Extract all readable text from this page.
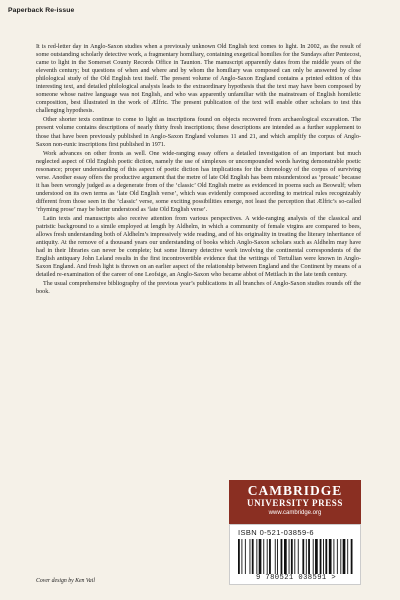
Paperback Re-issue

It is red-letter day in Anglo-Saxon studies when a previously unknown Old English text comes to light. In 2002, as the result of some outstanding scholarly detective work, a fragmentary homiliary, containing exegetical homilies for the Sundays after Pentecost, came to light in the Somerset County Records Office in Taunton. The manuscript apparently dates from the middle years of the eleventh century; but questions of when and where and by whom the homiliary was composed can only be answered by close philological study of the Old English text itself. The present volume of Anglo-Saxon England contains a printed edition of this interesting text, and detailed philological analysis leads to the extraordinary hypothesis that the text may have been composed by someone whose native language was not English, and who was apparently unfamiliar with the mainstream of English homiletic composition, best illustrated in the work of Ælfric. The present publication of the text will enable other scholars to test this challenging hypothesis.

Other shorter texts continue to come to light as inscriptions found on objects recovered from archaeological excavation. The present volume contains descriptions of nearly thirty fresh inscriptions; these descriptions are intended as a further supplement to those that have been previously published in Anglo-Saxon England volumes 11 and 21, and which amplify the corpus of Anglo-Saxon non-runic inscriptions first published in 1971.

Work advances on other fronts as well. One wide-ranging essay offers a detailed investigation of an important but much neglected aspect of Old English poetic diction, namely the use of simplexes or uncompounded words having demonstrable poetic resonance; proper understanding of this aspect of poetic diction has implications for the chronology of the corpus of surviving verse. Another essay offers the productive argument that the metre of late Old English has been misunderstood as ‘prosaic’ because it has been wrongly judged as a degenerate from of the ‘classic’ Old English metre as evidenced in poems such as Beowulf; when understood on its own terms as ‘late Old English verse’, which was evidently composed according to metrical rules recognizably different from those seen in the ‘classic’ verse, some exciting possibilities emerge, not least the perception that Ælfric’s so-called ‘rhyming prose’ may be better understood as ‘late Old English verse’.

Latin texts and manuscripts also receive attention from various perspectives. A wide-ranging analysis of the classical and patristic background to a simile employed at length by Aldhelm, in which a community of female virgins are compared to bees, allows fresh understanding both of Aldhelm’s impressively wide reading, and of his originality in treating the literary inheritance of antiquity. At the remove of a thousand years our understanding of books which Anglo-Saxon scholars such as Aldhelm may have had in their libraries can never be complete; but some literary detective work involving the continental correspondents of the English antiquary John Leland results in the first incontrovertible evidence that the writings of Tertullian were known in Anglo-Saxon England. And fresh light is thrown on an earlier aspect of the relationship between England and the Continent by means of a detailed re-examination of the career of one Leofsige, an Anglo-Saxon who became abbot of Mettlach in the late tenth century.

The usual comprehensive bibliography of the previous year’s publications in all branches of Anglo-Saxon studies rounds off the book.

CAMBRIDGE
UNIVERSITY PRESS
www.cambridge.org
ISBN 0-521-03859-6
9 780521 038591 >
Cover design by Ken Vail
